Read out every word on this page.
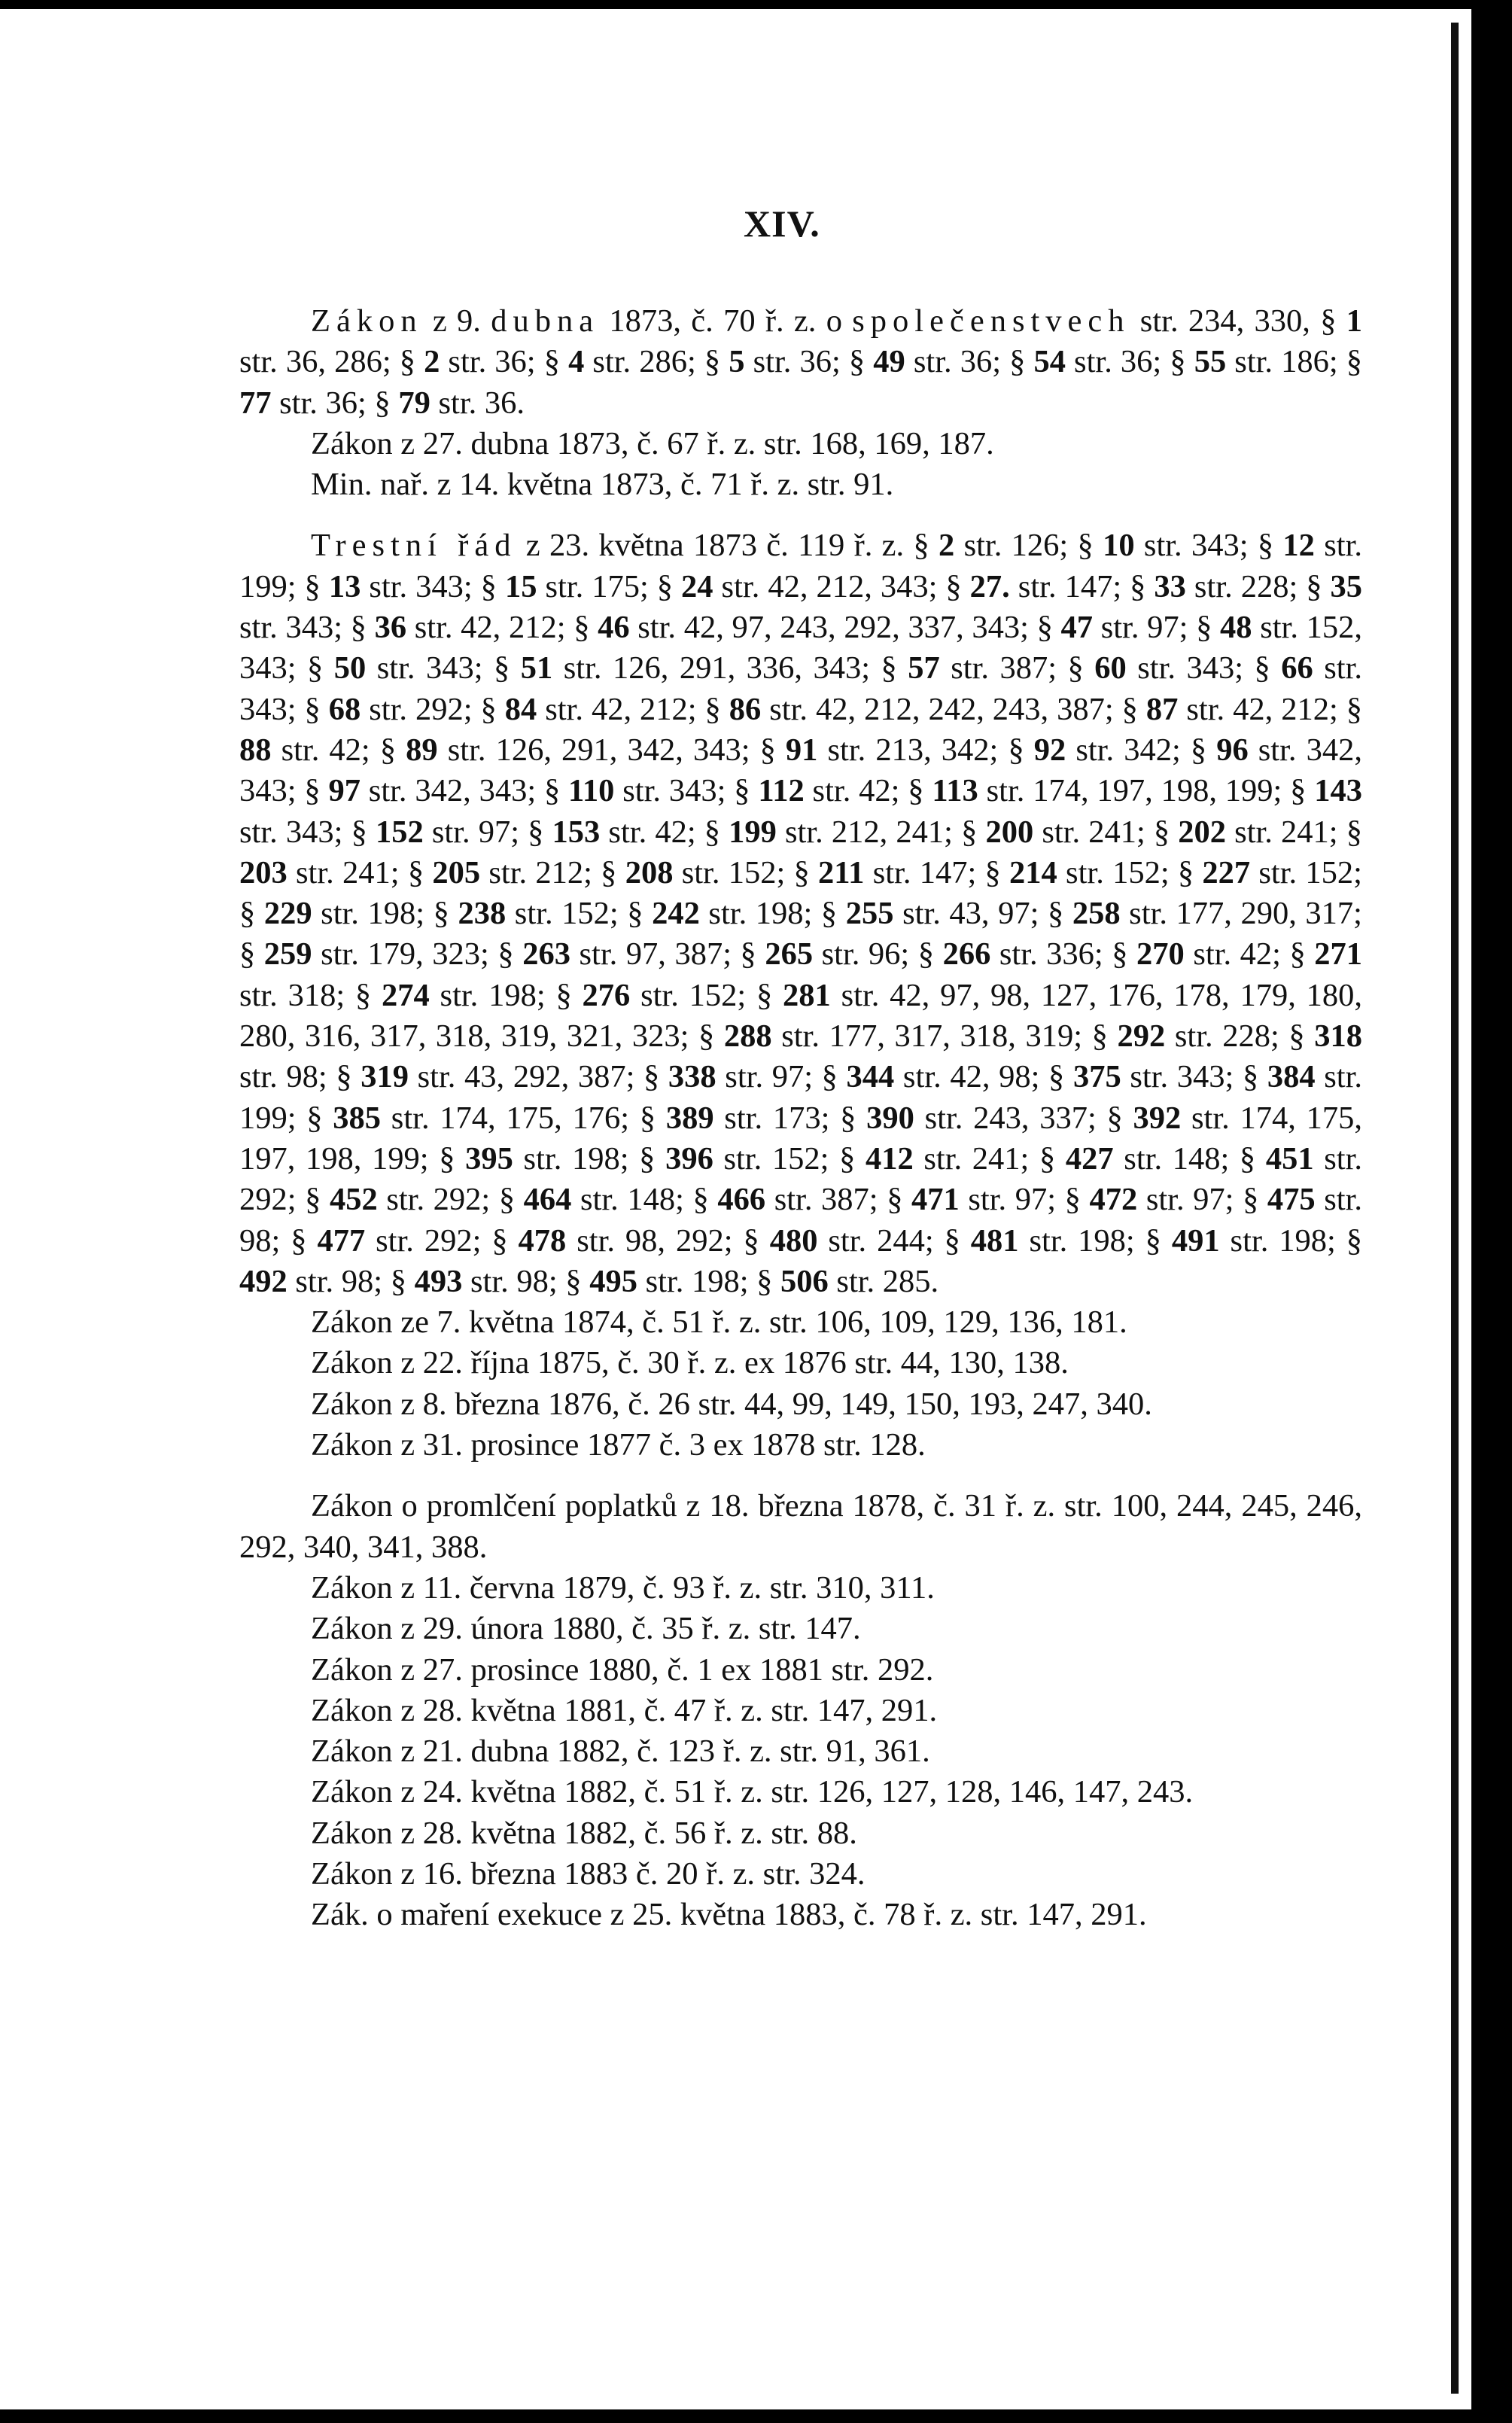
XIV.

Zákon z 9. dubna 1873, č. 70 ř. z. o společenstvech str. 234, 330, § 1 str. 36, 286; § 2 str. 36; § 4 str. 286; § 5 str. 36; § 49 str. 36; § 54 str. 36; § 55 str. 186; § 77 str. 36; § 79 str. 36.

Zákon z 27. dubna 1873, č. 67 ř. z. str. 168, 169, 187.

Min. nař. z 14. května 1873, č. 71 ř. z. str. 91.

Trestní řád z 23. května 1873 č. 119 ř. z. § 2 str. 126; § 10 str. 343; § 12 str. 199; § 13 str. 343; § 15 str. 175; § 24 str. 42, 212, 343; § 27. str. 147; § 33 str. 228; § 35 str. 343; § 36 str. 42, 212; § 46 str. 42, 97, 243, 292, 337, 343; § 47 str. 97; § 48 str. 152, 343; § 50 str. 343; § 51 str. 126, 291, 336, 343; § 57 str. 387; § 60 str. 343; § 66 str. 343; § 68 str. 292; § 84 str. 42, 212; § 86 str. 42, 212, 242, 243, 387; § 87 str. 42, 212; § 88 str. 42; § 89 str. 126, 291, 342, 343; § 91 str. 213, 342; § 92 str. 342; § 96 str. 342, 343; § 97 str. 342, 343; § 110 str. 343; § 112 str. 42; § 113 str. 174, 197, 198, 199; § 143 str. 343; § 152 str. 97; § 153 str. 42; § 199 str. 212, 241; § 200 str. 241; § 202 str. 241; § 203 str. 241; § 205 str. 212; § 208 str. 152; § 211 str. 147; § 214 str. 152; § 227 str. 152; § 229 str. 198; § 238 str. 152; § 242 str. 198; § 255 str. 43, 97; § 258 str. 177, 290, 317; § 259 str. 179, 323; § 263 str. 97, 387; § 265 str. 96; § 266 str. 336; § 270 str. 42; § 271 str. 318; § 274 str. 198; § 276 str. 152; § 281 str. 42, 97, 98, 127, 176, 178, 179, 180, 280, 316, 317, 318, 319, 321, 323; § 288 str. 177, 317, 318, 319; § 292 str. 228; § 318 str. 98; § 319 str. 43, 292, 387; § 338 str. 97; § 344 str. 42, 98; § 375 str. 343; § 384 str. 199; § 385 str. 174, 175, 176; § 389 str. 173; § 390 str. 243, 337; § 392 str. 174, 175, 197, 198, 199; § 395 str. 198; § 396 str. 152; § 412 str. 241; § 427 str. 148; § 451 str. 292; § 452 str. 292; § 464 str. 148; § 466 str. 387; § 471 str. 97; § 472 str. 97; § 475 str. 98; § 477 str. 292; § 478 str. 98, 292; § 480 str. 244; § 481 str. 198; § 491 str. 198; § 492 str. 98; § 493 str. 98; § 495 str. 198; § 506 str. 285.

Zákon ze 7. května 1874, č. 51 ř. z. str. 106, 109, 129, 136, 181.

Zákon z 22. října 1875, č. 30 ř. z. ex 1876 str. 44, 130, 138.

Zákon z 8. března 1876, č. 26 str. 44, 99, 149, 150, 193, 247, 340.

Zákon z 31. prosince 1877 č. 3 ex 1878 str. 128.

Zákon o promlčení poplatků z 18. března 1878, č. 31 ř. z. str. 100, 244, 245, 246, 292, 340, 341, 388.

Zákon z 11. června 1879, č. 93 ř. z. str. 310, 311.

Zákon z 29. února 1880, č. 35 ř. z. str. 147.

Zákon z 27. prosince 1880, č. 1 ex 1881 str. 292.

Zákon z 28. května 1881, č. 47 ř. z. str. 147, 291.

Zákon z 21. dubna 1882, č. 123 ř. z. str. 91, 361.

Zákon z 24. května 1882, č. 51 ř. z. str. 126, 127, 128, 146, 147, 243.

Zákon z 28. května 1882, č. 56 ř. z. str. 88.

Zákon z 16. března 1883 č. 20 ř. z. str. 324.

Zák. o maření exekuce z 25. května 1883, č. 78 ř. z. str. 147, 291.
